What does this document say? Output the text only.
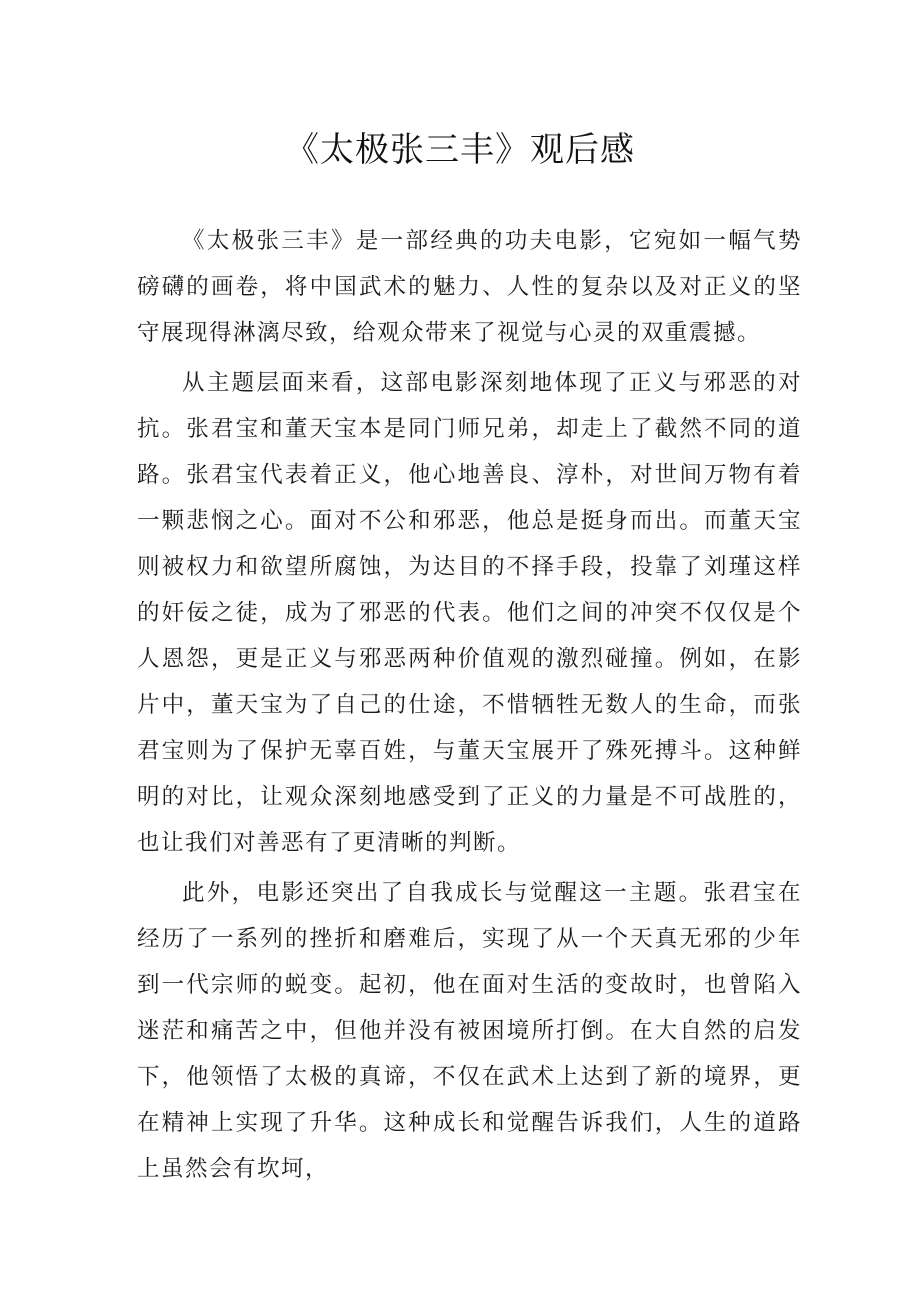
《太极张三丰》观后感

《太极张三丰》是一部经典的功夫电影，它宛如一幅气势磅礴的画卷，将中国武术的魅力、人性的复杂以及对正义的坚守展现得淋漓尽致，给观众带来了视觉与心灵的双重震撼。

从主题层面来看，这部电影深刻地体现了正义与邪恶的对抗。张君宝和董天宝本是同门师兄弟，却走上了截然不同的道路。张君宝代表着正义，他心地善良、淳朴，对世间万物有着一颗悲悯之心。面对不公和邪恶，他总是挺身而出。而董天宝则被权力和欲望所腐蚀，为达目的不择手段，投靠了刘瑾这样的奸佞之徒，成为了邪恶的代表。他们之间的冲突不仅仅是个人恩怨，更是正义与邪恶两种价值观的激烈碰撞。例如，在影片中，董天宝为了自己的仕途，不惜牺牲无数人的生命，而张君宝则为了保护无辜百姓，与董天宝展开了殊死搏斗。这种鲜明的对比，让观众深刻地感受到了正义的力量是不可战胜的，也让我们对善恶有了更清晰的判断。

此外，电影还突出了自我成长与觉醒这一主题。张君宝在经历了一系列的挫折和磨难后，实现了从一个天真无邪的少年到一代宗师的蜕变。起初，他在面对生活的变故时，也曾陷入迷茫和痛苦之中，但他并没有被困境所打倒。在大自然的启发下，他领悟了太极的真谛，不仅在武术上达到了新的境界，更在精神上实现了升华。这种成长和觉醒告诉我们，人生的道路上虽然会有坎坷，
